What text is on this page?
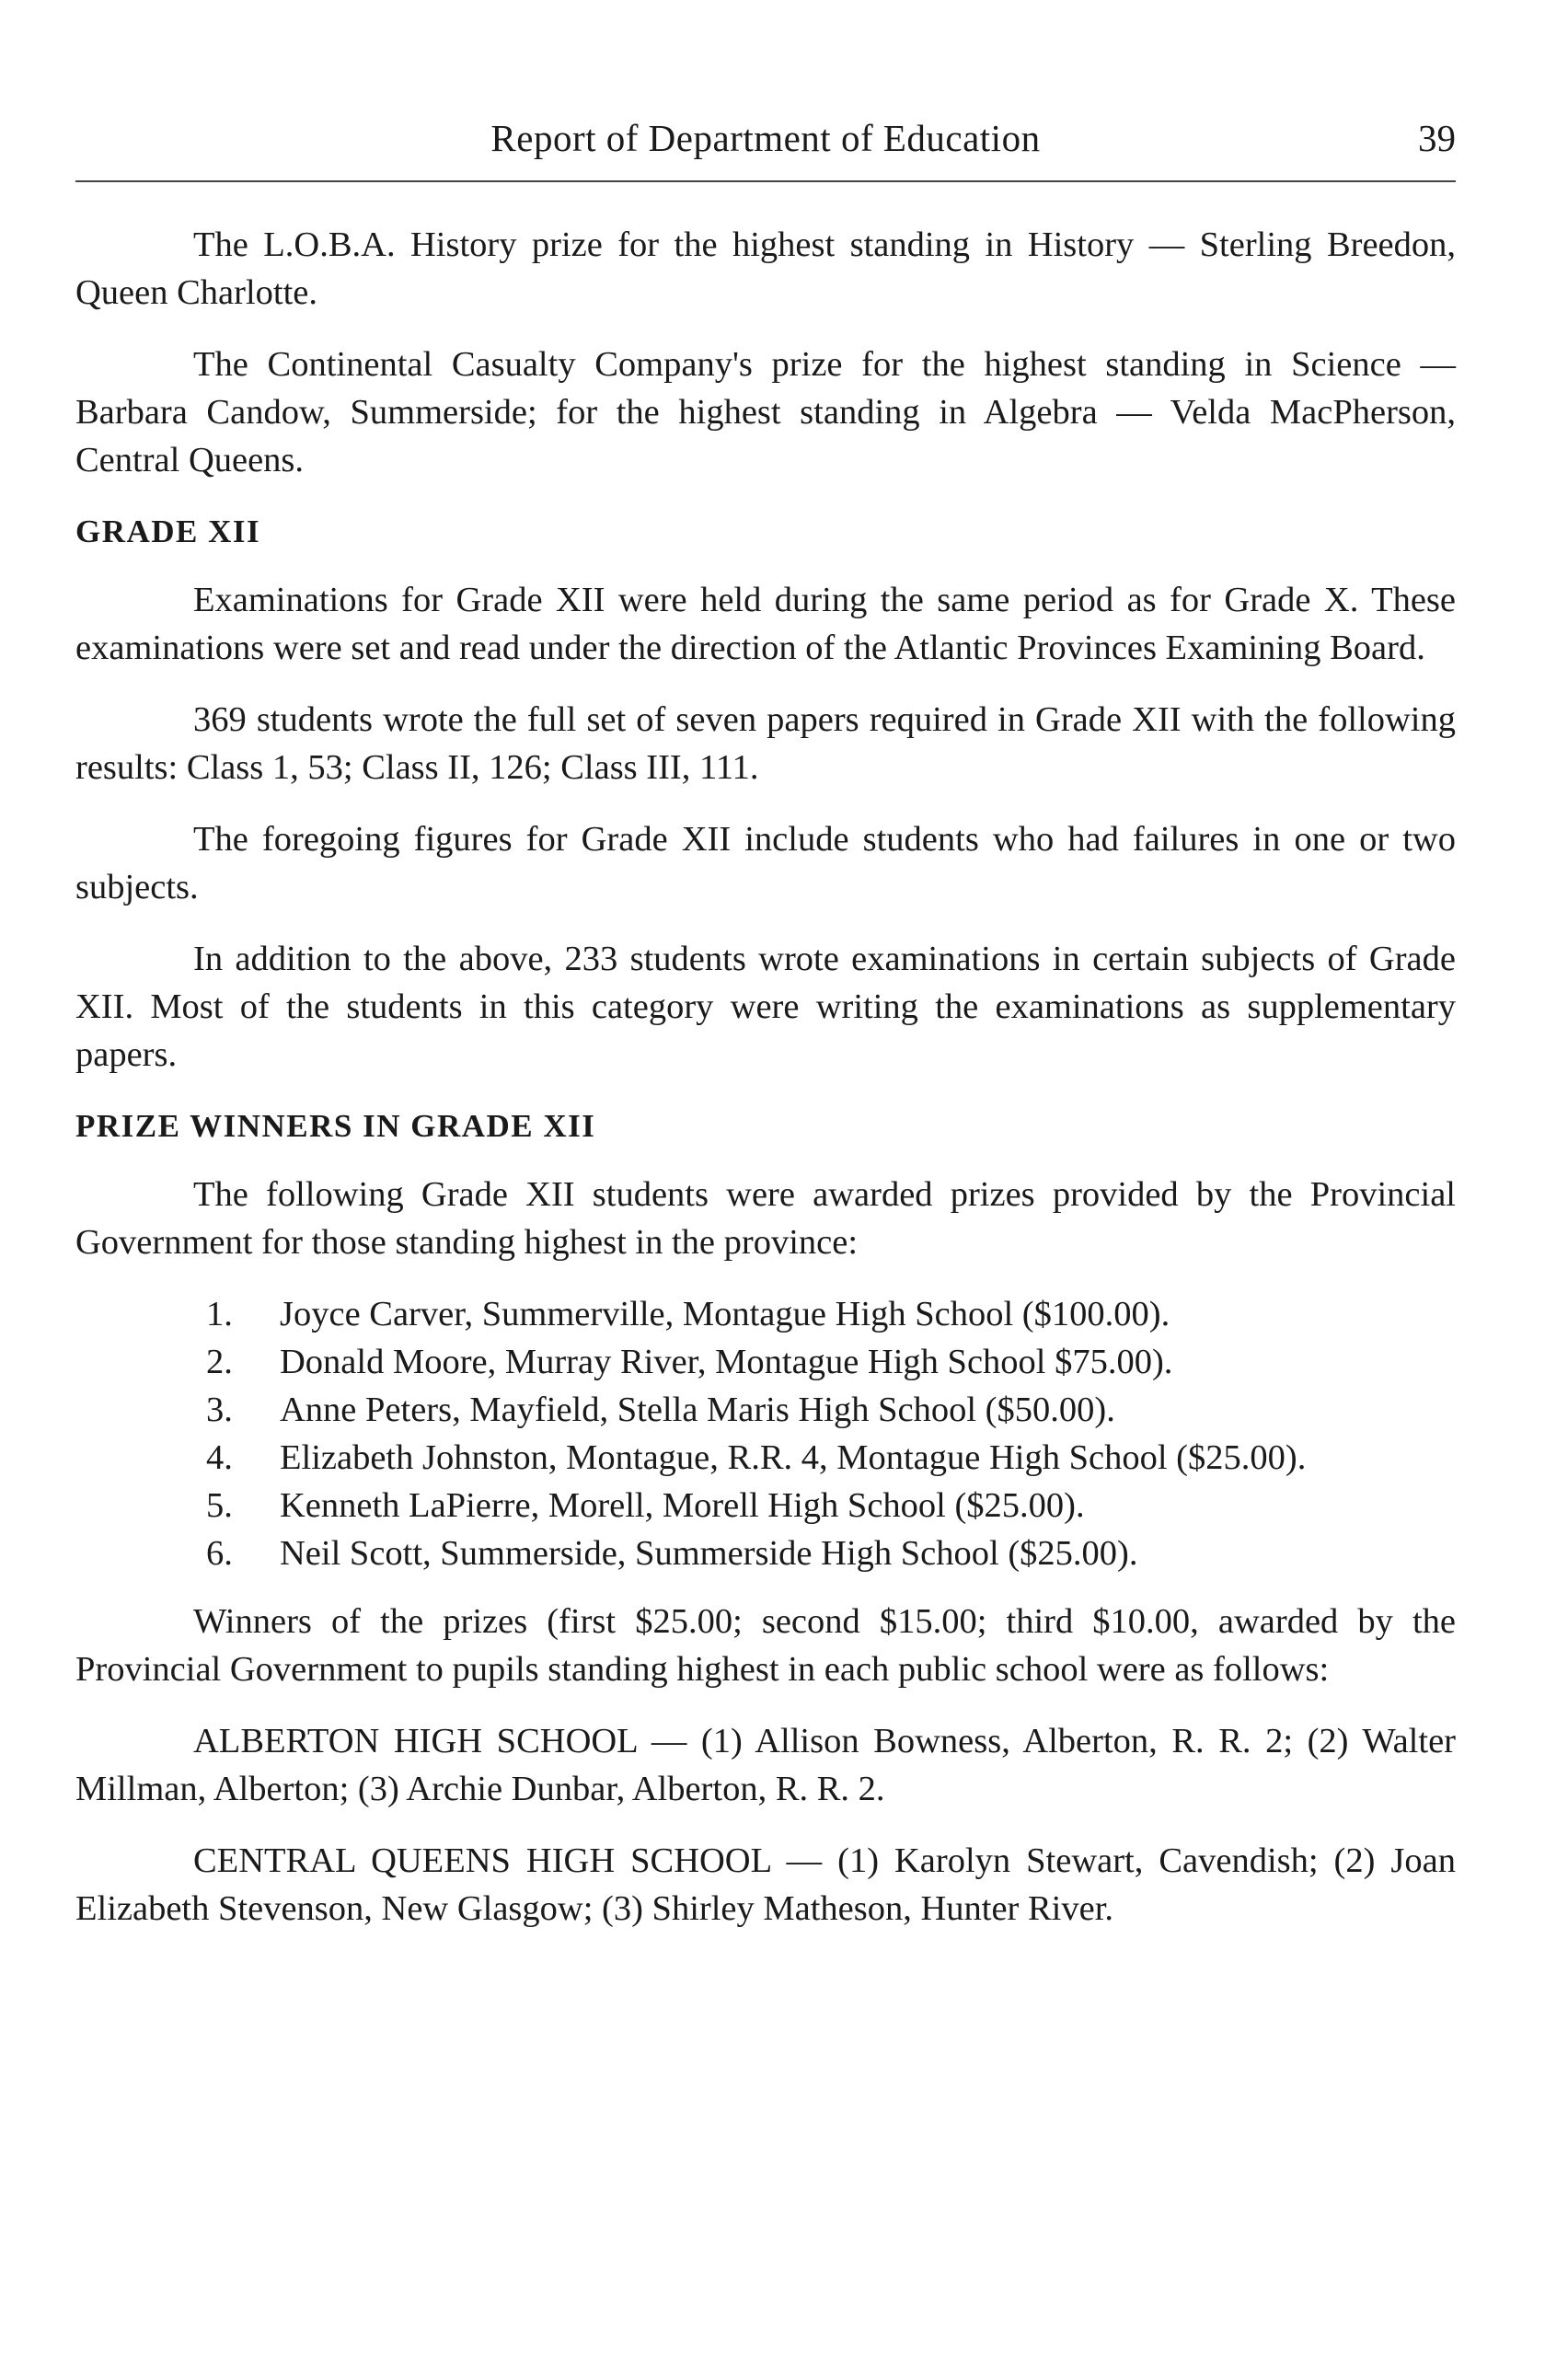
Report of Department of Education	39

The L.O.B.A. History prize for the highest standing in History — Sterling Breedon, Queen Charlotte.

The Continental Casualty Company's prize for the highest standing in Science — Barbara Candow, Summerside; for the highest standing in Algebra — Velda MacPherson, Central Queens.

GRADE XII

Examinations for Grade XII were held during the same period as for Grade X. These examinations were set and read under the direction of the Atlantic Provinces Examining Board.

369 students wrote the full set of seven papers required in Grade XII with the following results: Class 1, 53; Class II, 126; Class III, 111.

The foregoing figures for Grade XII include students who had failures in one or two subjects.

In addition to the above, 233 students wrote examinations in certain subjects of Grade XII. Most of the students in this category were writing the examinations as supplementary papers.

PRIZE WINNERS IN GRADE XII

The following Grade XII students were awarded prizes provided by the Provincial Government for those standing highest in the province:

1.	Joyce Carver, Summerville, Montague High School ($100.00).
2.	Donald Moore, Murray River, Montague High School $75.00).
3.	Anne Peters, Mayfield, Stella Maris High School ($50.00).
4.	Elizabeth Johnston, Montague, R.R. 4, Montague High School ($25.00).
5.	Kenneth LaPierre, Morell, Morell High School ($25.00).
6.	Neil Scott, Summerside, Summerside High School ($25.00).

Winners of the prizes (first $25.00; second $15.00; third $10.00, awarded by the Provincial Government to pupils standing highest in each public school were as follows:

ALBERTON HIGH SCHOOL — (1) Allison Bowness, Alberton, R. R. 2; (2) Walter Millman, Alberton; (3) Archie Dunbar, Alberton, R. R. 2.

CENTRAL QUEENS HIGH SCHOOL — (1) Karolyn Stewart, Cavendish; (2) Joan Elizabeth Stevenson, New Glasgow; (3) Shirley Matheson, Hunter River.
